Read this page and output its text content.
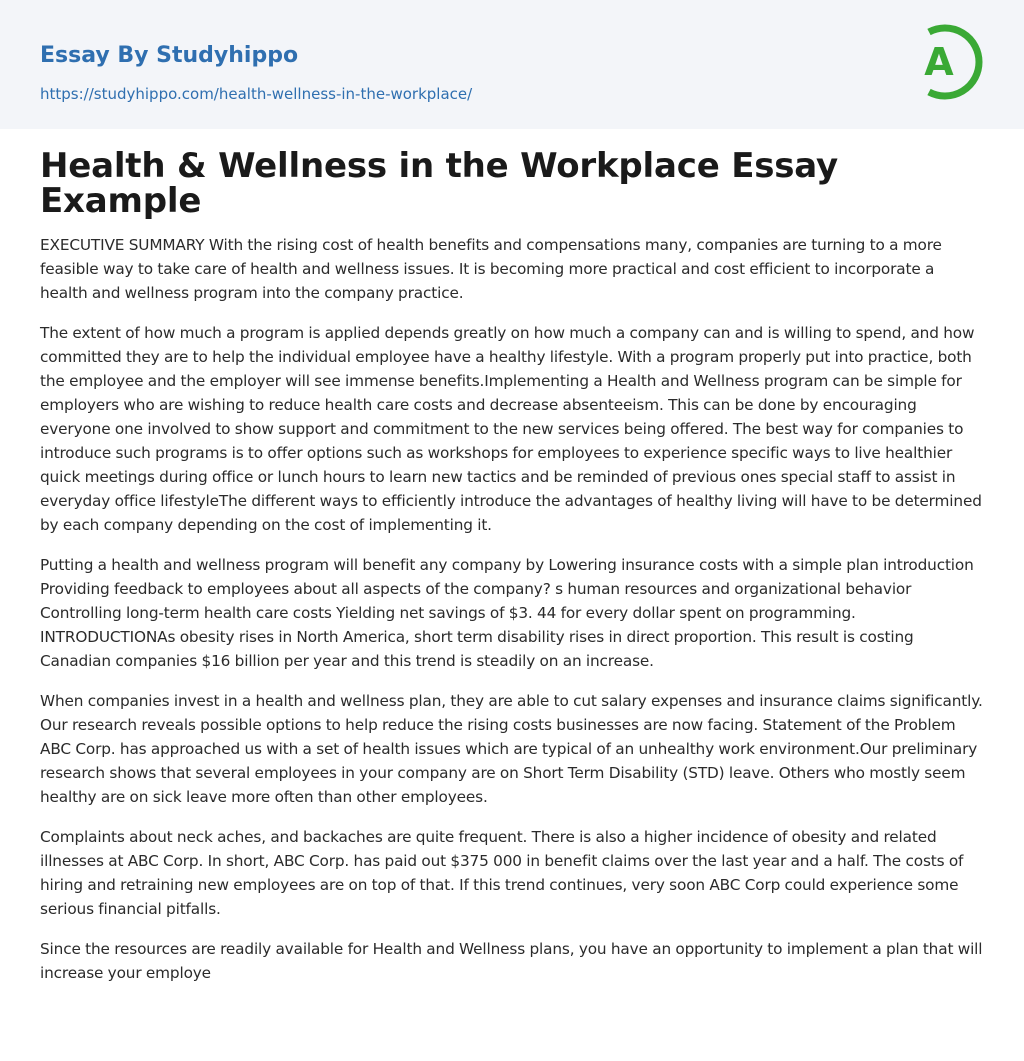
Essay By Studyhippo
https://studyhippo.com/health-wellness-in-the-workplace/
A
Health & Wellness in the Workplace Essay Example

EXECUTIVE SUMMARY With the rising cost of health benefits and compensations many, companies are turning to a more feasible way to take care of health and wellness issues. It is becoming more practical and cost efficient to incorporate a health and wellness program into the company practice.

The extent of how much a program is applied depends greatly on how much a company can and is willing to spend, and how committed they are to help the individual employee have a healthy lifestyle. With a program properly put into practice, both the employee and the employer will see immense benefits.Implementing a Health and Wellness program can be simple for employers who are wishing to reduce health care costs and decrease absenteeism. This can be done by encouraging everyone one involved to show support and commitment to the new services being offered. The best way for companies to introduce such programs is to offer options such as workshops for employees to experience specific ways to live healthier quick meetings during office or lunch hours to learn new tactics and be reminded of previous ones special staff to assist in everyday office lifestyleThe different ways to efficiently introduce the advantages of healthy living will have to be determined by each company depending on the cost of implementing it.

Putting a health and wellness program will benefit any company by Lowering insurance costs with a simple plan introduction Providing feedback to employees about all aspects of the company? s human resources and organizational behavior Controlling long-term health care costs Yielding net savings of $3. 44 for every dollar spent on programming. INTRODUCTIONAs obesity rises in North America, short term disability rises in direct proportion. This result is costing Canadian companies $16 billion per year and this trend is steadily on an increase.

When companies invest in a health and wellness plan, they are able to cut salary expenses and insurance claims significantly. Our research reveals possible options to help reduce the rising costs businesses are now facing. Statement of the Problem ABC Corp. has approached us with a set of health issues which are typical of an unhealthy work environment.Our preliminary research shows that several employees in your company are on Short Term Disability (STD) leave. Others who mostly seem healthy are on sick leave more often than other employees.

Complaints about neck aches, and backaches are quite frequent. There is also a higher incidence of obesity and related illnesses at ABC Corp. In short, ABC Corp. has paid out $375 000 in benefit claims over the last year and a half. The costs of hiring and retraining new employees are on top of that. If this trend continues, very soon ABC Corp could experience some serious financial pitfalls.

Since the resources are readily available for Health and Wellness plans, you have an opportunity to implement a plan that will increase your employe
